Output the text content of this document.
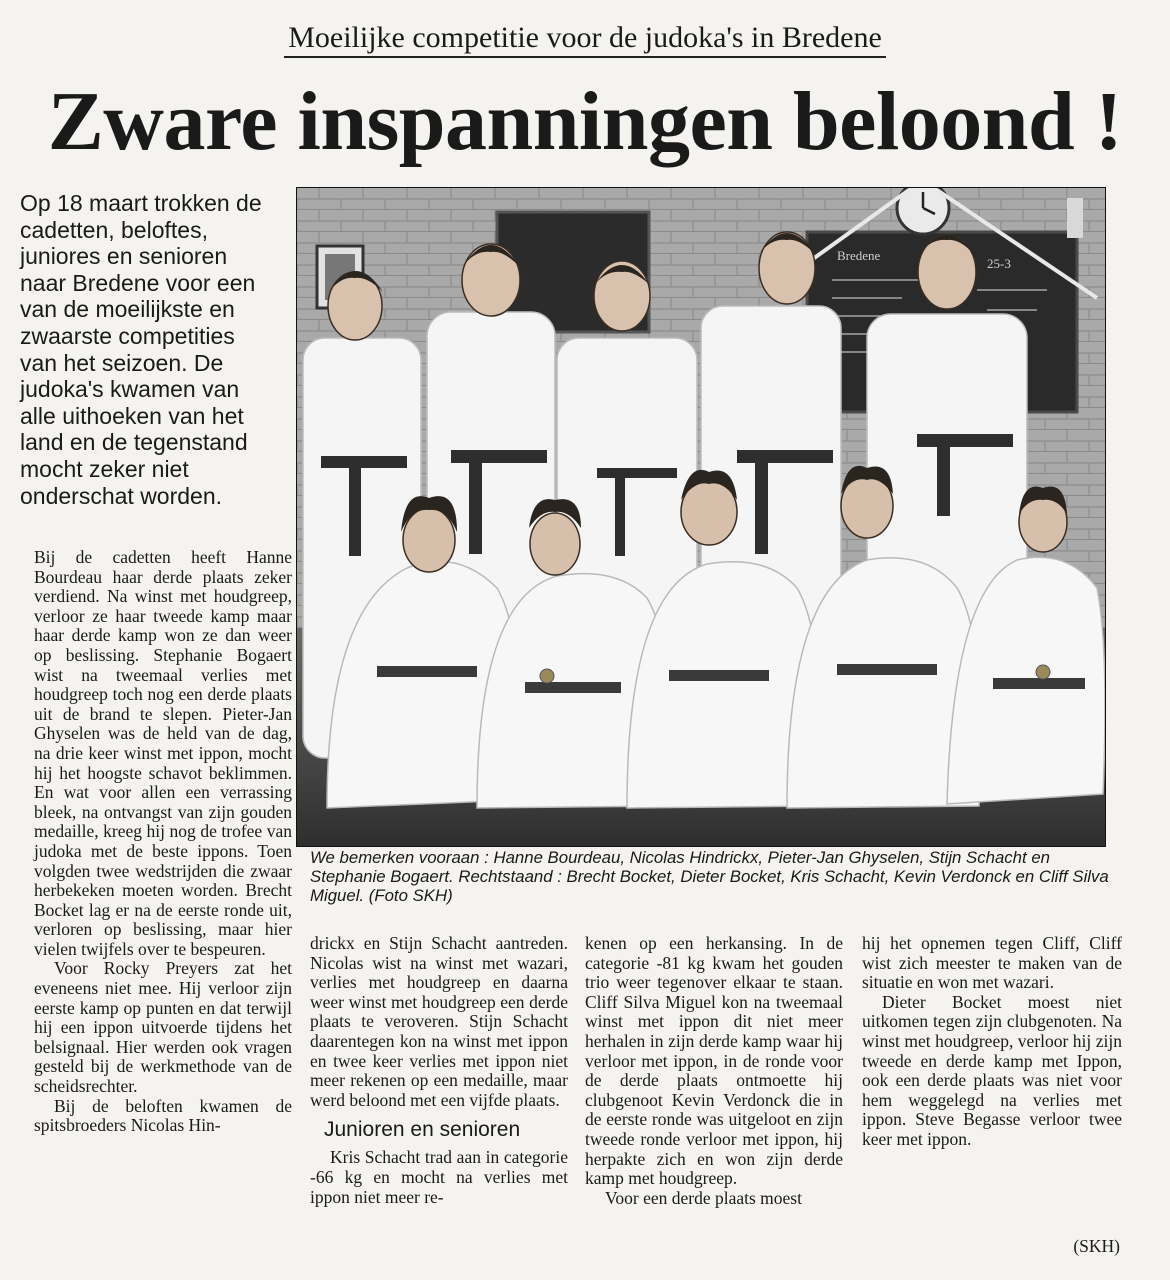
Moeilijke competitie voor de judoka's in Bredene
Zware inspanningen beloond !

Op 18 maart trokken de cadetten, beloftes, juniores en senioren naar Bredene voor een van de moeilijkste en zwaarste competities van het seizoen. De judoka's kwamen van alle uithoeken van het land en de tegenstand mocht zeker niet onderschat worden.

Bij de cadetten heeft Hanne Bourdeau haar derde plaats zeker verdiend. Na winst met houdgreep, verloor ze haar tweede kamp maar haar derde kamp won ze dan weer op beslissing. Stephanie Bogaert wist na tweemaal verlies met houdgreep toch nog een derde plaats uit de brand te slepen. Pieter-Jan Ghyselen was de held van de dag, na drie keer winst met ippon, mocht hij het hoogste schavot beklimmen. En wat voor allen een verrassing bleek, na ontvangst van zijn gouden medaille, kreeg hij nog de trofee van judoka met de beste ippons. Toen volgden twee wedstrijden die zwaar herbekeken moeten worden. Brecht Bocket lag er na de eerste ronde uit, verloren op beslissing, maar hier vielen twijfels over te bespeuren.

Voor Rocky Preyers zat het eveneens niet mee. Hij verloor zijn eerste kamp op punten en dat terwijl hij een ippon uitvoerde tijdens het belsignaal. Hier werden ook vragen gesteld bij de werkmethode van de scheidsrechter.

Bij de beloften kwamen de spitsbroeders Nicolas Hin-

drickx en Stijn Schacht aantreden. Nicolas wist na winst met wazari, verlies met houdgreep en daarna weer winst met houdgreep een derde plaats te veroveren. Stijn Schacht daarentegen kon na winst met ippon en twee keer verlies met ippon niet meer rekenen op een medaille, maar werd beloond met een vijfde plaats.

Junioren en senioren

Kris Schacht trad aan in categorie -66 kg en mocht na verlies met ippon niet meer re-

kenen op een herkansing. In de categorie -81 kg kwam het gouden trio weer tegenover elkaar te staan. Cliff Silva Miguel kon na tweemaal winst met ippon dit niet meer herhalen in zijn derde kamp waar hij verloor met ippon, in de ronde voor de derde plaats ontmoette hij clubgenoot Kevin Verdonck die in de eerste ronde was uitgeloot en zijn tweede ronde verloor met ippon, hij herpakte zich en won zijn derde kamp met houdgreep.

Voor een derde plaats moest

hij het opnemen tegen Cliff, Cliff wist zich meester te maken van de situatie en won met wazari.

Dieter Bocket moest niet uitkomen tegen zijn clubgenoten. Na winst met houdgreep, verloor hij zijn tweede en derde kamp met Ippon, ook een derde plaats was niet voor hem weggelegd na verlies met ippon. Steve Begasse verloor twee keer met ippon.

(SKH)
Bredene
25-3

We bemerken vooraan : Hanne Bourdeau, Nicolas Hindrickx, Pieter-Jan Ghyselen, Stijn Schacht en Stephanie Bogaert. Rechtstaand : Brecht Bocket, Dieter Bocket, Kris Schacht, Kevin Verdonck en Cliff Silva Miguel. (Foto SKH)
